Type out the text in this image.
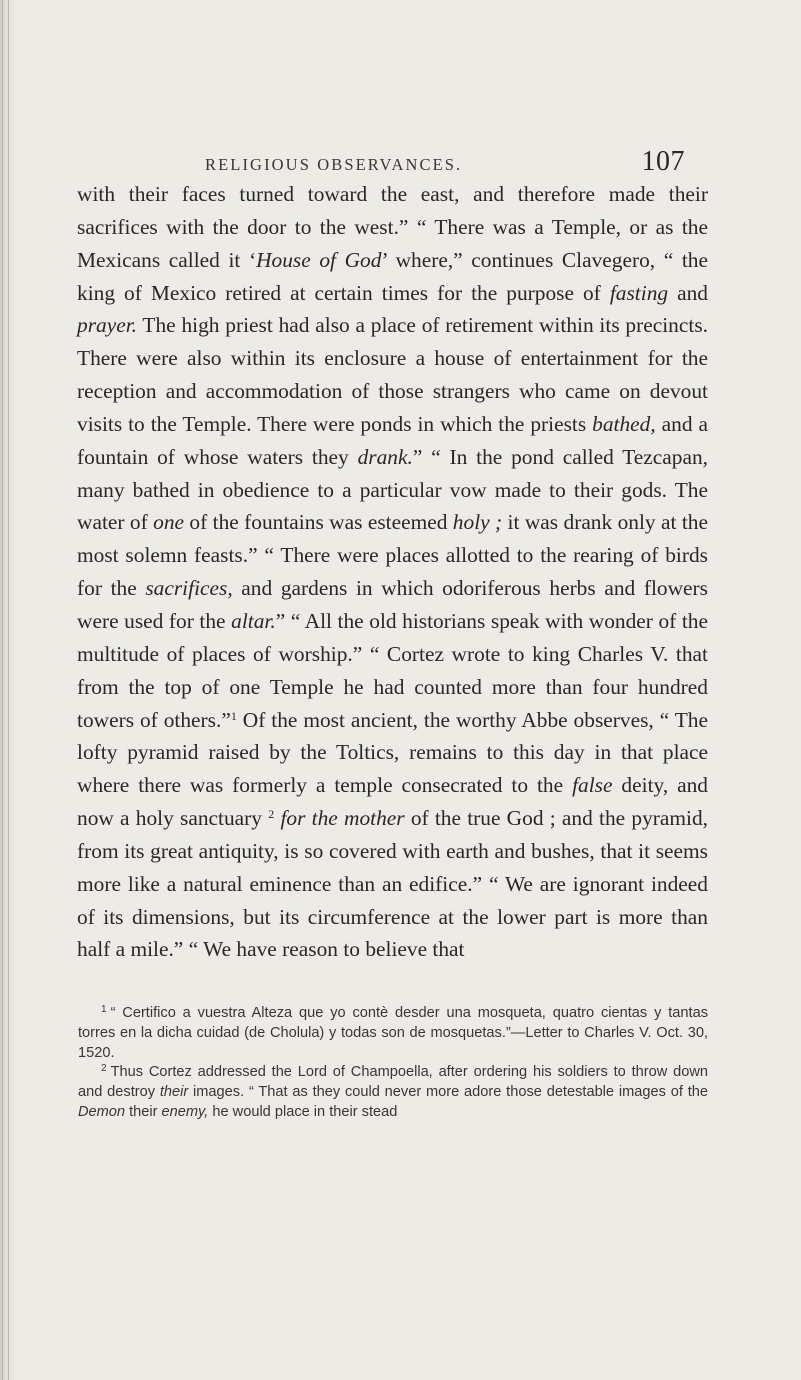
RELIGIOUS OBSERVANCES.	107

with their faces turned toward the east, and therefore made their sacrifices with the door to the west.” “ There was a Temple, or as the Mexicans called it ‘House of God’ where,” continues Clavegero, “ the king of Mexico retired at certain times for the purpose of fasting and prayer. The high priest had also a place of retirement within its precincts. There were also within its enclosure a house of entertainment for the reception and accommodation of those strangers who came on devout visits to the Temple. There were ponds in which the priests bathed, and a fountain of whose waters they drank.” “ In the pond called Tezcapan, many bathed in obedience to a particular vow made to their gods. The water of one of the fountains was esteemed holy ; it was drank only at the most solemn feasts.” “ There were places allotted to the rearing of birds for the sacrifices, and gardens in which odoriferous herbs and flowers were used for the altar.” “ All the old historians speak with wonder of the multitude of places of worship.” “ Cortez wrote to king Charles V. that from the top of one Temple he had counted more than four hundred towers of others.”$^1$ Of the most ancient, the worthy Abbe observes, “ The lofty pyramid raised by the Toltics, remains to this day in that place where there was formerly a temple consecrated to the false deity, and now a holy sanctuary $^2$ for the mother of the true God ; and the pyramid, from its great antiquity, is so covered with earth and bushes, that it seems more like a natural eminence than an edifice.” “ We are ignorant indeed of its dimensions, but its circumference at the lower part is more than half a mile.” “ We have reason to believe that

$^1$ “ Certifico a vuestra Alteza que yo contè desder una mosqueta, quatro cientas y tantas torres en la dicha cuidad (de Cholula) y todas son de mosquetas.”—Letter to Charles V. Oct. 30, 1520.

$^2$ Thus Cortez addressed the Lord of Champoella, after ordering his soldiers to throw down and destroy their images. “ That as they could never more adore those detestable images of the Demon their enemy, he would place in their stead
